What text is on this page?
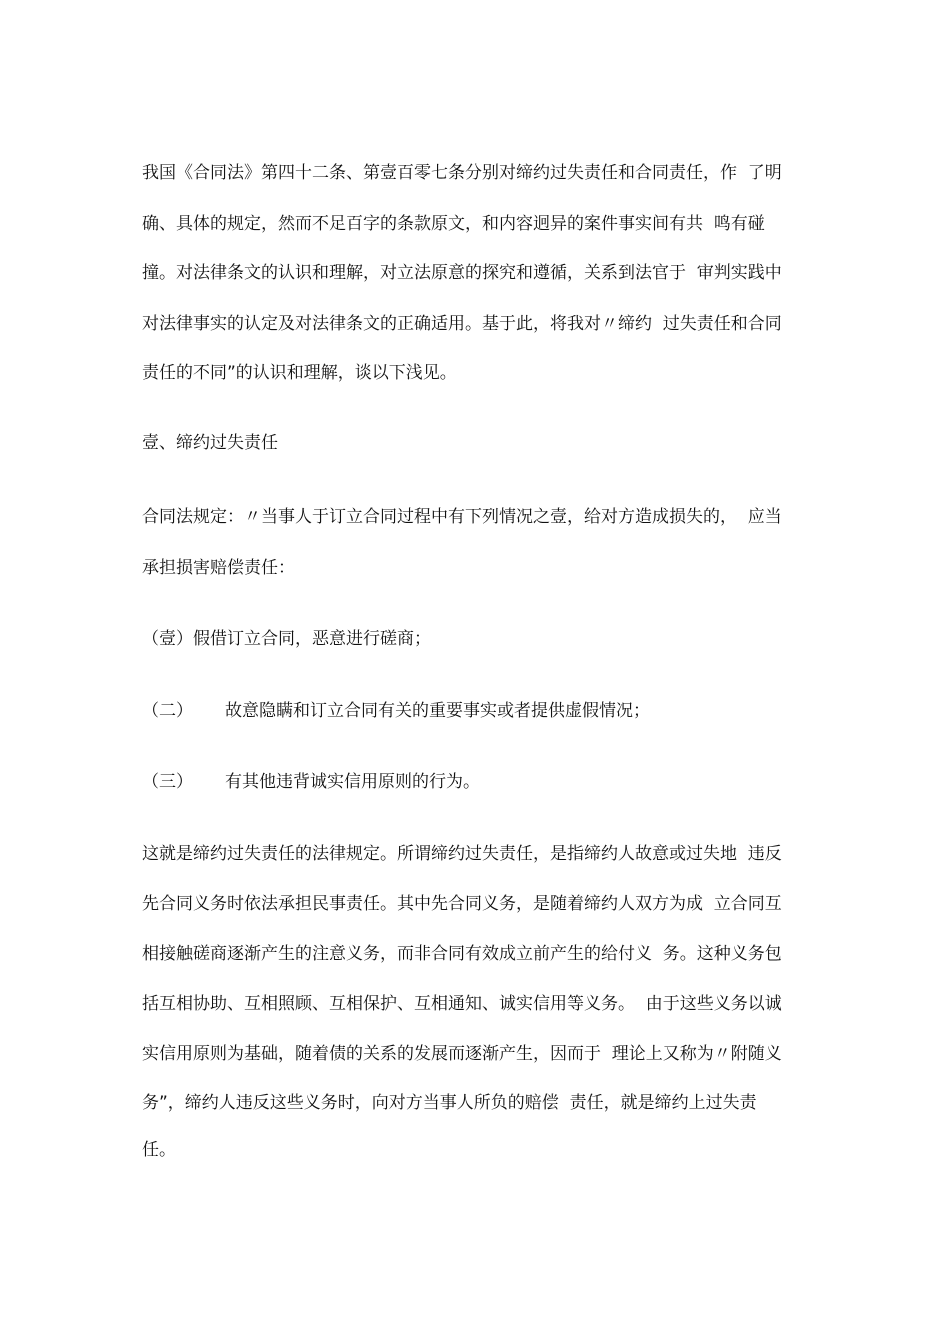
我国《合同法》第四十二条、第壹百零七条分别对缔约过失责任和合同责任，作  了明

确、具体的规定，然而不足百字的条款原文，和内容迥异的案件事实间有共  鸣有碰

撞。对法律条文的认识和理解，对立法原意的探究和遵循，关系到法官于  审判实践中

对法律事实的认定及对法律条文的正确适用。基于此，将我对〃缔约  过失责任和合同

责任的不同”的认识和理解，谈以下浅见。

壹、缔约过失责任

合同法规定：〃当事人于订立合同过程中有下列情况之壹，给对方造成损失的，  应当

承担损害赔偿责任：

（壹）假借订立合同，恶意进行磋商；

（二） 故意隐瞒和订立合同有关的重要事实或者提供虚假情况；
（三） 有其他违背诚实信用原则的行为。

这就是缔约过失责任的法律规定。所谓缔约过失责任，是指缔约人故意或过失地  违反

先合同义务时依法承担民事责任。其中先合同义务，是随着缔约人双方为成  立合同互

相接触磋商逐渐产生的注意义务，而非合同有效成立前产生的给付义  务。这种义务包

括互相协助、互相照顾、互相保护、互相通知、诚实信用等义务。  由于这些义务以诚

实信用原则为基础，随着债的关系的发展而逐渐产生，因而于  理论上又称为〃附随义

务”，缔约人违反这些义务时，向对方当事人所负的赔偿  责任，就是缔约上过失责

任。
